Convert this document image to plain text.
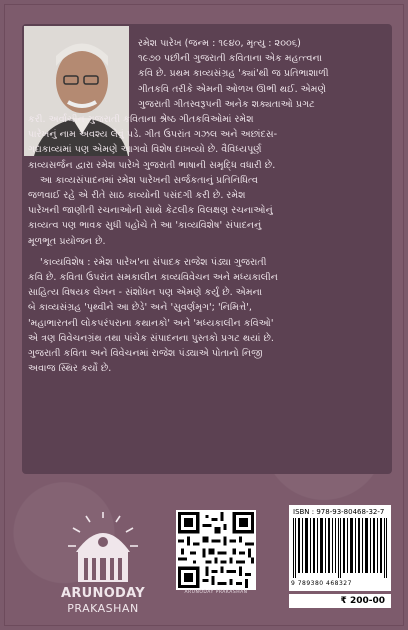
રમેશ પારેખ (જન્મ : ૧૯૪૦, મૃત્યુ : ૨૦૦૬)

૧૯૭૦ પછીની ગુજરાતી કવિતાના એક મહત્ત્વના

કવિ છે. પ્રથમ કાવ્યસંગ્રહ 'ક્યાં'થી જ પ્રતિભાશાળી

ગીતકવિ તરીકે એમની ઓળખ ઊભી થઈ. એમણે

ગુજરાતી ગીતસ્વરૂપની અનેક શક્યતાઓ પ્રગટ

કરી. અર્વાચીન ગુજરાતી કવિતાના શ્રેષ્ઠ ગીતકવિઓમાં રમેશ

પારેખનું નામ અવશ્ય લેવું પડે. ગીત ઉપરાંત ગઝલ અને અછાંદસ-

ગદ્યકાવ્યમાં પણ એમણે આગવો વિશેષ દાખવ્યો છે. વૈવિધ્યપૂર્ણ

કાવ્યસર્જન દ્વારા રમેશ પારેખે ગુજરાતી ભાષાની સમૃદ્ધિ વધારી છે.

આ કાવ્યસંપાદનમાં રમેશ પારેખની સર્જકતાનું પ્રતિનિધિત્વ

જળવાઈ રહે એ રીતે સાઠ કાવ્યોની પસંદગી કરી છે. રમેશ

પારેખની જાણીતી રચનાઓની સાથે કેટલીક વિલક્ષણ રચનાઓનું

કાવ્યત્વ પણ ભાવક સુધી પહોંચે તે આ 'કાવ્યવિશેષ' સંપાદનનું

મૂળભૂત પ્રયોજન છે.

'કાવ્યવિશેષ : રમેશ પારેખ'ના સંપાદક રાજેશ પંડ્યા ગુજરાતી

કવિ છે. કવિતા ઉપરાંત સમકાલીન કાવ્યવિવેચન અને મધ્યકાલીન

સાહિત્ય વિષયક લેખન - સંશોધન પણ એમણે કર્યું છે. એમના

બે કાવ્યસંગ્રહ 'પૃથ્વીને આ છેડે' અને 'સુવર્ણમૃગ'; 'નિમિત્તે',

'મહાભારતની લોકપરંપરાના કથાનકો' અને 'મધ્યકાલીન કવિઓ'

એ ત્રણ વિવેચનગ્રંથ તથા પાંચેક સંપાદનના પુસ્તકો પ્રગટ થયાં છે.

ગુજરાતી કવિતા અને વિવેચનમાં રાજેશ પંડ્યાએ પોતાનો નિજી

અવાજ સ્થિર કર્યો છે.

ARUNODAY
PRAKASHAN
ARUNODAY PRAKASHAN
ISBN : 978-93-80468-32-7
9 789380 468327
₹ 200-00
